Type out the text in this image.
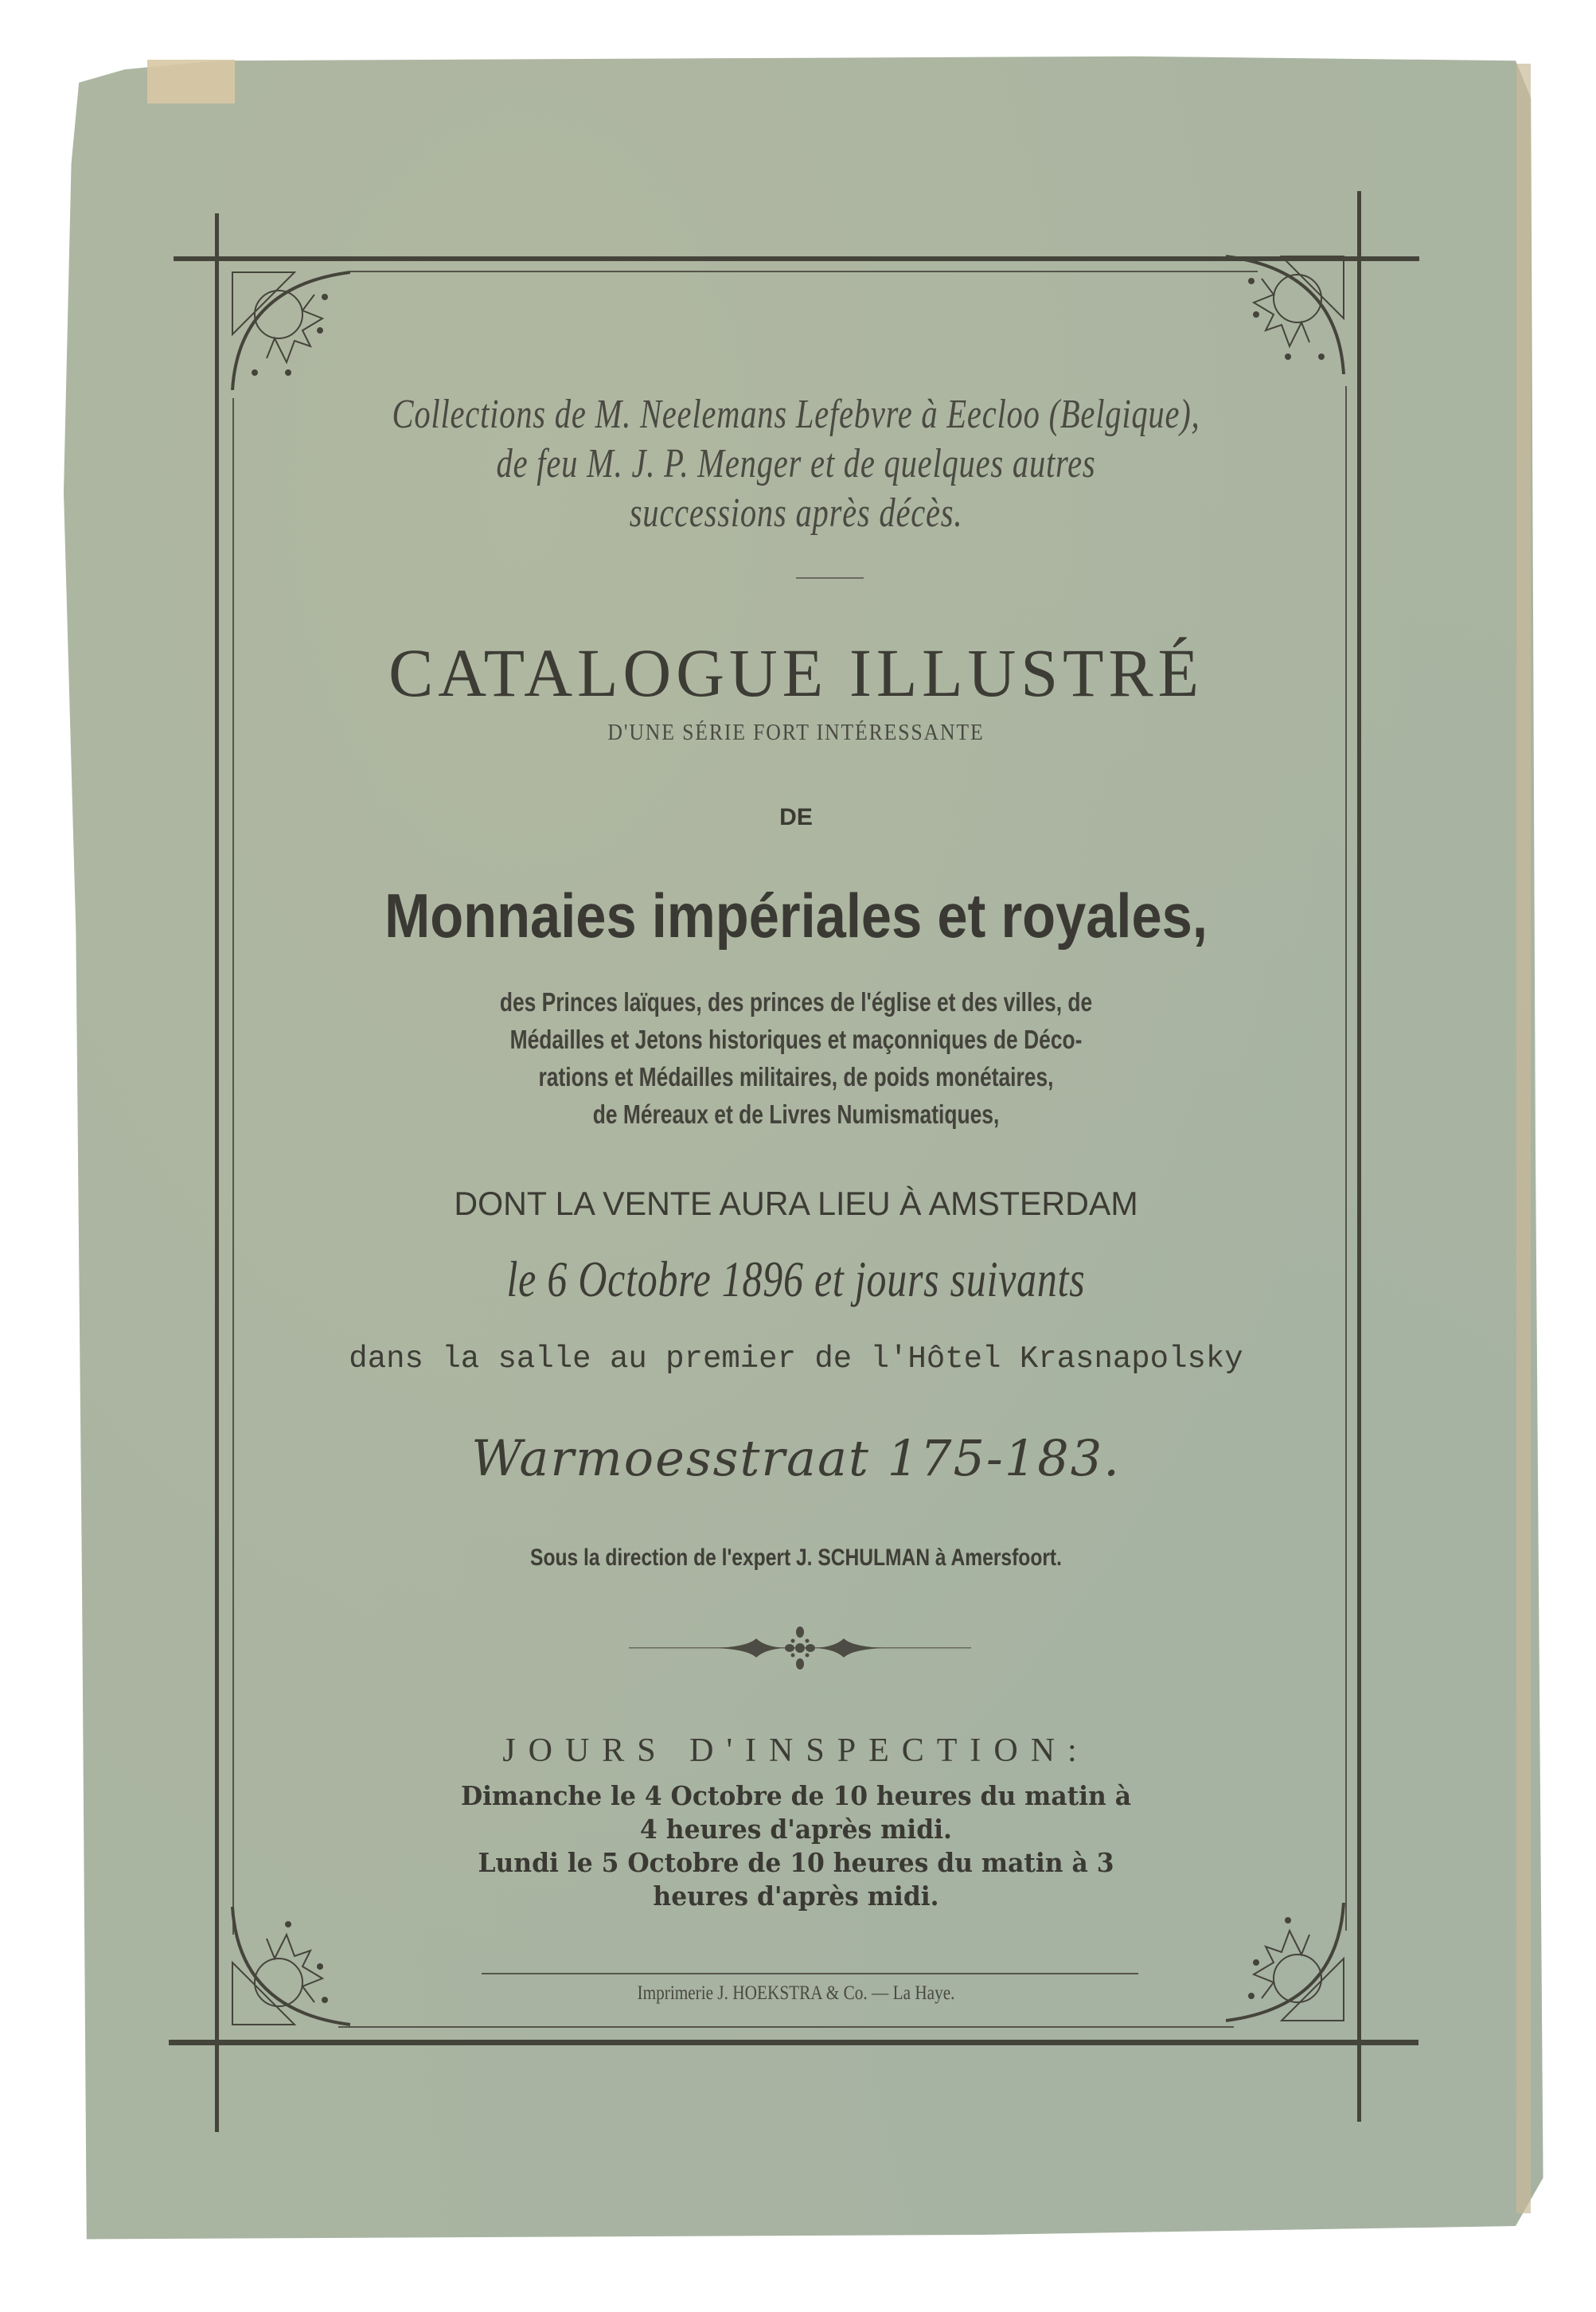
Collections de M. Neelemans Lefebvre à Eecloo (Belgique),
de feu M. J. P. Menger et de quelques autres
successions après décès.
CATALOGUE ILLUSTRÉ
D'UNE SÉRIE FORT INTÉRESSANTE
DE
Monnaies impériales et royales,
des Princes laïques, des princes de l'église et des villes, de
Médailles et Jetons historiques et maçonniques de Déco-
rations et Médailles militaires, de poids monétaires,
de Méreaux et de Livres Numismatiques,
DONT LA VENTE AURA LIEU À AMSTERDAM
le 6 Octobre 1896 et jours suivants
dans la salle au premier de l'Hôtel Krasnapolsky
Warmoesstraat 175-183.
Sous la direction de l'expert J. SCHULMAN à Amersfoort.
JOURS D'INSPECTION:
Dimanche le 4 Octobre de 10 heures du matin à
4 heures d'après midi.
Lundi le 5 Octobre de 10 heures du matin à 3
heures d'après midi.
Imprimerie J. HOEKSTRA & Co. — La Haye.
